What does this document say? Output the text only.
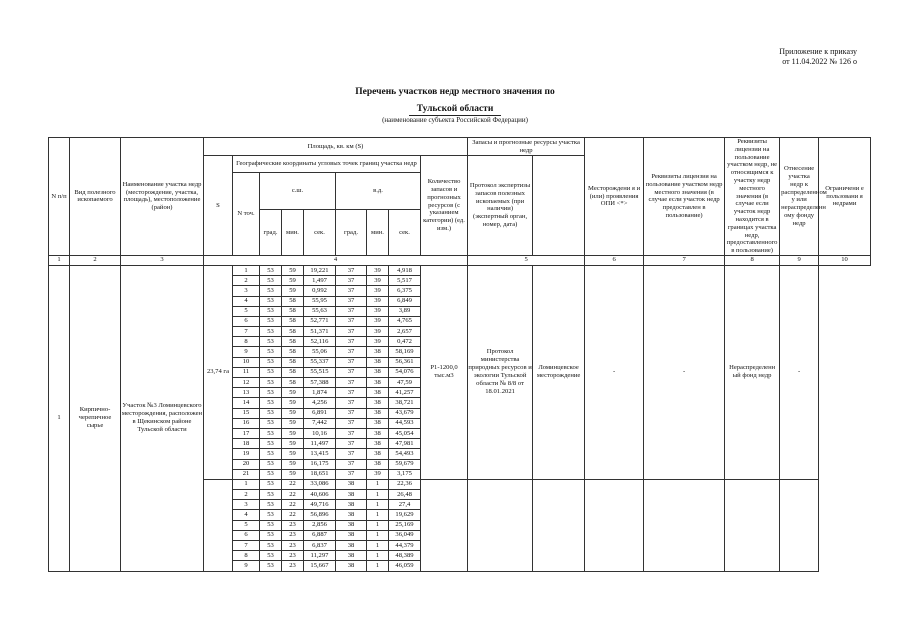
Приложение к приказу
от 11.04.2022 № 126 о
Перечень участков недр местного значения по
Тульской области
(наименование субъекта Российской Федерации)
N п/п	Вид полезного ископаемого	Наименование участка недр (месторождение, участка, площадь), местоположение (район)	Площадь, кв. км (S)									Запасы и прогнозные ресурсы участка недр		Месторождени я и (или) проявления ОПИ <*>	Реквизиты лицензия на пользование участком недр местного значения (в случае если участок недр предоставлен в пользование)	Реквизиты лицензии на пользование участком недр, не относящимся к участку недр местного значения (в случае если участок недр находится в границах участка недр, предоставленного в пользование)	Отнесение участка недр к распределенном у или нераспределенн ому фонду недр	Ограничени е пользовани я недрами
			S	Географические координаты угловых точек границ участка недр							Количество запасов и прогнозных ресурсов (с указанием категории) (ед. изм.)	Протокол экспертизы запасов полезных ископаемых (при наличии) (экспертный орган, номер, дата)						
				N точ.	с.ш.			в.д.										
					град.	мин.	сек.	град.	мин.	сек.								
1	2	3	4									5		6	7	8	9	10
1	Кирпично-черепичное сырье	Участок №3 Ломинцевского месторождения, расположен в Щекинском районе Тульской области	23,74 га	1	53	59	19,221	37	39	4,918	P1-1200,0 тыс.м3	Протокол министерства природных ресурсов и экологии Тульской области № 8/8 от 18.01.2021	Ломинцевское месторождение	-	-	Нераспределенн ый фонд недр	-	
				2	53	59	1,497	37	39	5,517								
				3	53	59	0,992	37	39	6,375								
				4	53	58	55,95	37	39	6,849								
				5	53	58	55,63	37	39	3,89								
				6	53	58	52,771	37	39	4,765								
				7	53	58	51,371	37	39	2,657								
				8	53	58	52,116	37	39	0,472								
				9	53	58	55,06	37	38	58,169								
				10	53	58	55,337	37	38	56,361								
				11	53	58	55,515	37	38	54,076								
				12	53	58	57,388	37	38	47,59								
				13	53	59	1,874	37	38	41,257								
				14	53	59	4,256	37	38	38,721								
				15	53	59	6,891	37	38	43,679								
				16	53	59	7,442	37	38	44,593								
				17	53	59	10,16	37	38	45,054								
				18	53	59	11,497	37	38	47,981								
				19	53	59	13,415	37	38	54,493								
				20	53	59	16,175	37	38	59,679								
				21	53	59	18,651	37	39	3,175								
				1	53	22	33,086	38	1	22,36								
				2	53	22	40,606	38	1	26,48								
				3	53	22	49,716	38	1	27,4								
				4	53	22	56,896	38	1	19,629								
				5	53	23	2,856	38	1	25,169								
				6	53	23	6,887	38	1	36,049								
				7	53	23	6,837	38	1	44,379								
				8	53	23	11,297	38	1	48,389								
				9	53	23	15,667	38	1	46,059								
